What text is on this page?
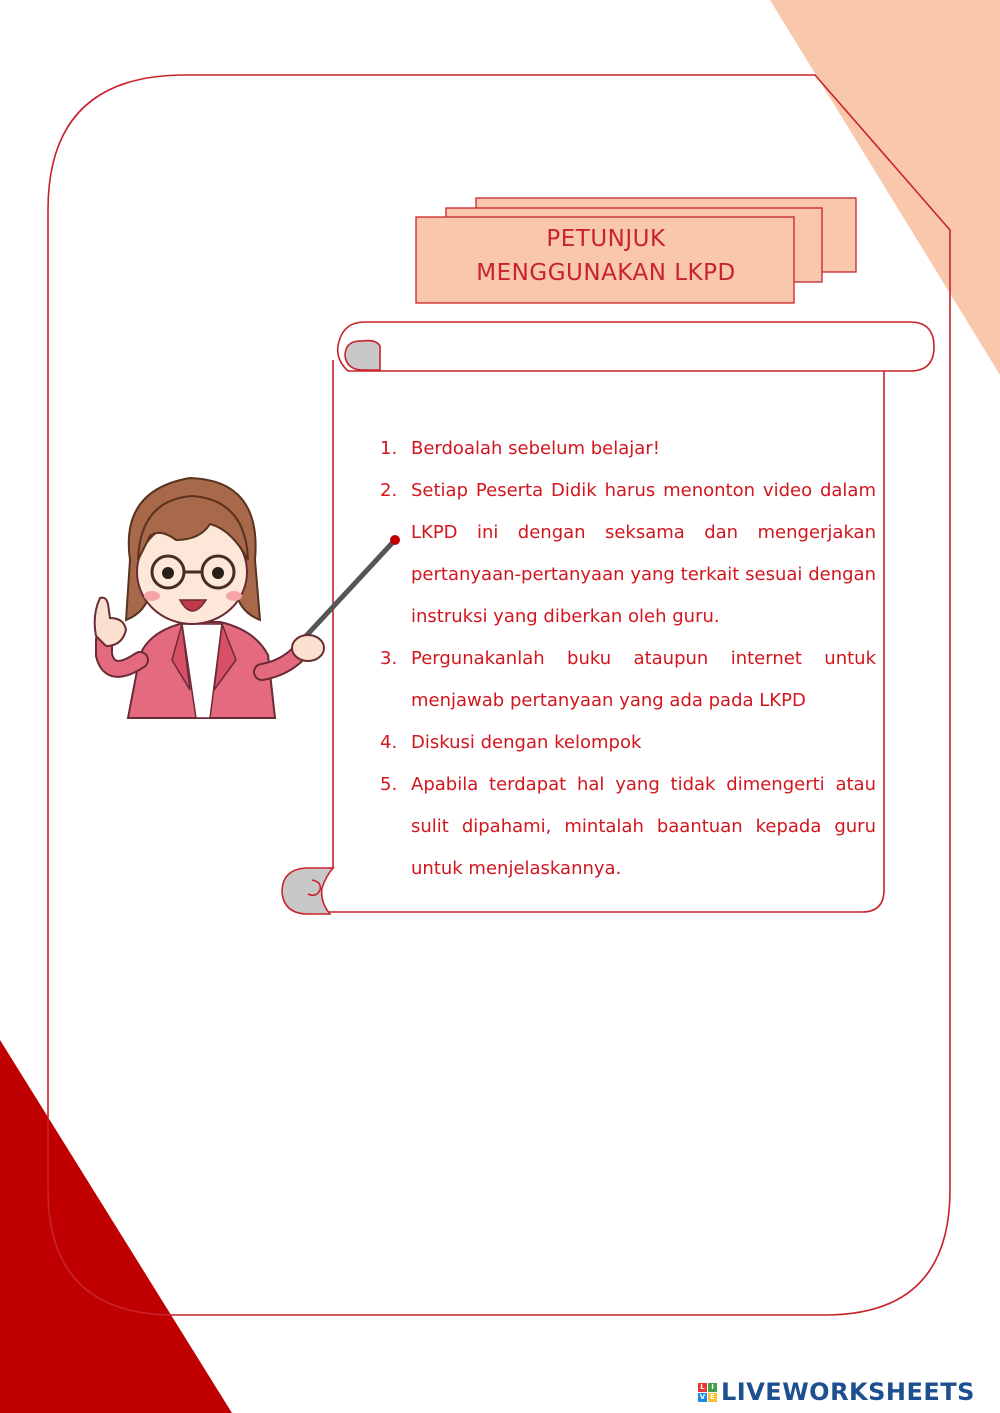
PETUNJUK
MENGGUNAKAN LKPD
1. Berdoalah sebelum belajar!
2. Setiap Peserta Didik harus menonton video dalam LKPD ini dengan seksama dan mengerjakan pertanyaan-pertanyaan yang terkait sesuai dengan instruksi yang diberkan oleh guru.
3. Pergunakanlah buku ataupun internet untuk menjawab pertanyaan yang ada pada LKPD
4. Diskusi dengan kelompok
5. Apabila terdapat hal yang tidak dimengerti atau sulit dipahami, mintalah baantuan kepada guru untuk menjelaskannya.
L I
V E LIVEWORKSHEETS
